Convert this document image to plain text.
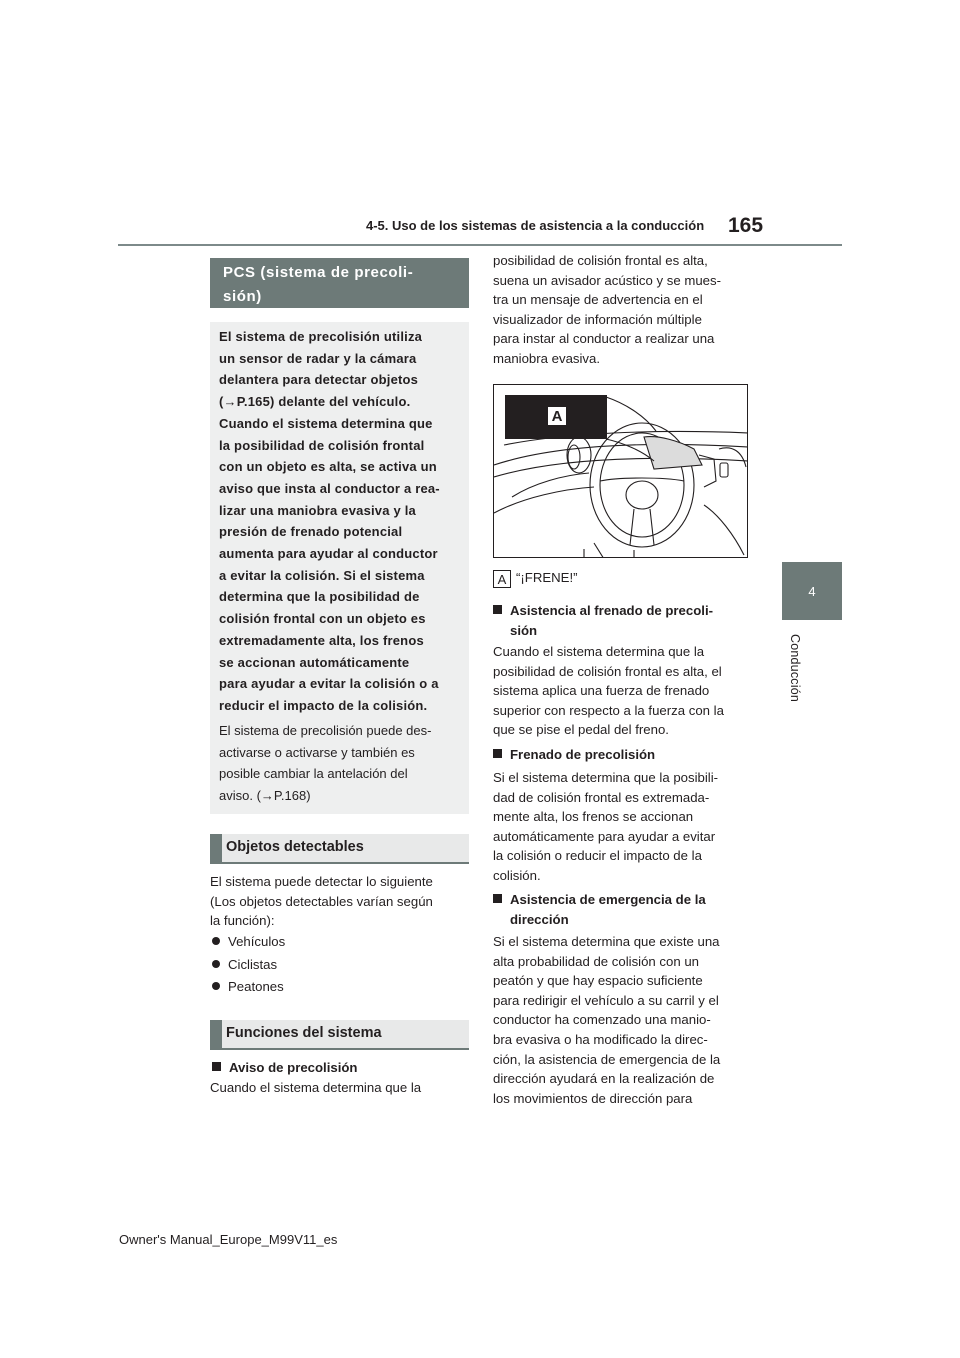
4-5. Uso de los sistemas de asistencia a la conducción 165
4
Conducción
PCS (sistema de precoli-
sión)
El sistema de precolisión utiliza
un sensor de radar y la cámara
delantera para detectar objetos
(→P.165) delante del vehículo.
Cuando el sistema determina que
la posibilidad de colisión frontal
con un objeto es alta, se activa un
aviso que insta al conductor a rea-
lizar una maniobra evasiva y la
presión de frenado potencial
aumenta para ayudar al conductor
a evitar la colisión. Si el sistema
determina que la posibilidad de
colisión frontal con un objeto es
extremadamente alta, los frenos
se accionan automáticamente
para ayudar a evitar la colisión o a
reducir el impacto de la colisión.
El sistema de precolisión puede des-
activarse o activarse y también es
posible cambiar la antelación del
aviso. (→P.168)
Objetos detectables
El sistema puede detectar lo siguiente
(Los objetos detectables varían según
la función):
Vehículos
Ciclistas
Peatones
Funciones del sistema
Aviso de precolisión
Cuando el sistema determina que la
posibilidad de colisión frontal es alta,
suena un avisador acústico y se mues-
tra un mensaje de advertencia en el
visualizador de información múltiple
para instar al conductor a realizar una
maniobra evasiva.
A
A “¡FRENE!”
Asistencia al frenado de precoli-
sión
Cuando el sistema determina que la
posibilidad de colisión frontal es alta, el
sistema aplica una fuerza de frenado
superior con respecto a la fuerza con la
que se pise el pedal del freno.
Frenado de precolisión
Si el sistema determina que la posibili-
dad de colisión frontal es extremada-
mente alta, los frenos se accionan
automáticamente para ayudar a evitar
la colisión o reducir el impacto de la
colisión.
Asistencia de emergencia de la
dirección
Si el sistema determina que existe una
alta probabilidad de colisión con un
peatón y que hay espacio suficiente
para redirigir el vehículo a su carril y el
conductor ha comenzado una manio-
bra evasiva o ha modificado la direc-
ción, la asistencia de emergencia de la
dirección ayudará en la realización de
los movimientos de dirección para
Owner's Manual_Europe_M99V11_es
